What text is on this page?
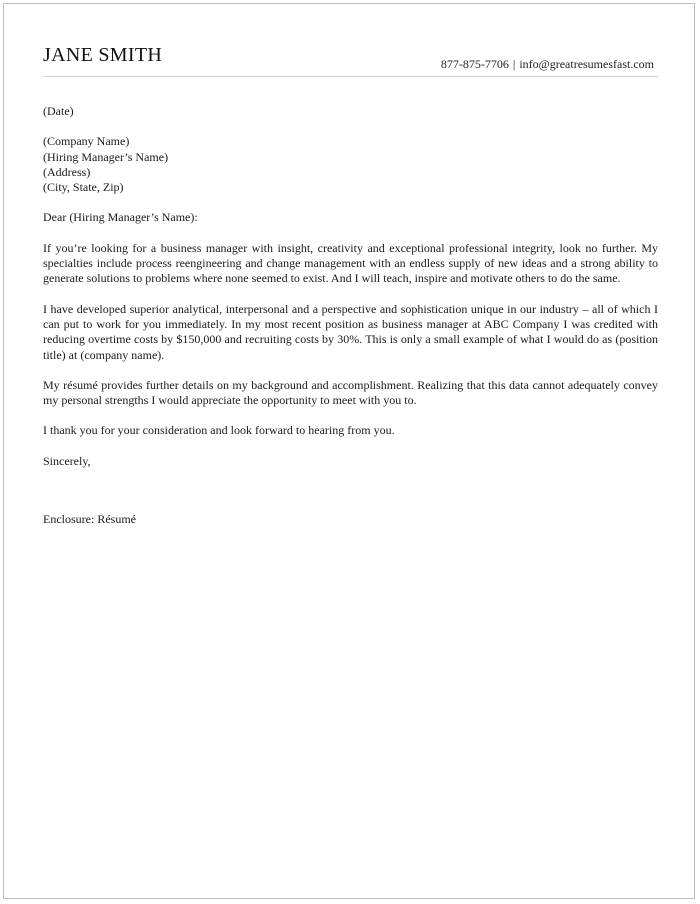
JANE SMITH	877-875-7706 | info@greatresumesfast.com

(Date)

(Company Name)

(Hiring Manager’s Name)

(Address)

(City, State, Zip)

Dear (Hiring Manager’s Name):

If you’re looking for a business manager with insight, creativity and exceptional professional integrity, look no further. My specialties include process reengineering and change management with an endless supply of new ideas and a strong ability to generate solutions to problems where none seemed to exist. And I will teach, inspire and motivate others to do the same.

I have developed superior analytical, interpersonal and a perspective and sophistication unique in our industry – all of which I can put to work for you immediately. In my most recent position as business manager at ABC Company I was credited with reducing overtime costs by $150,000 and recruiting costs by 30%. This is only a small example of what I would do as (position title) at (company name).

My résumé provides further details on my background and accomplishment. Realizing that this data cannot adequately convey my personal strengths I would appreciate the opportunity to meet with you to.

I thank you for your consideration and look forward to hearing from you.

Sincerely,

Enclosure: Résumé
